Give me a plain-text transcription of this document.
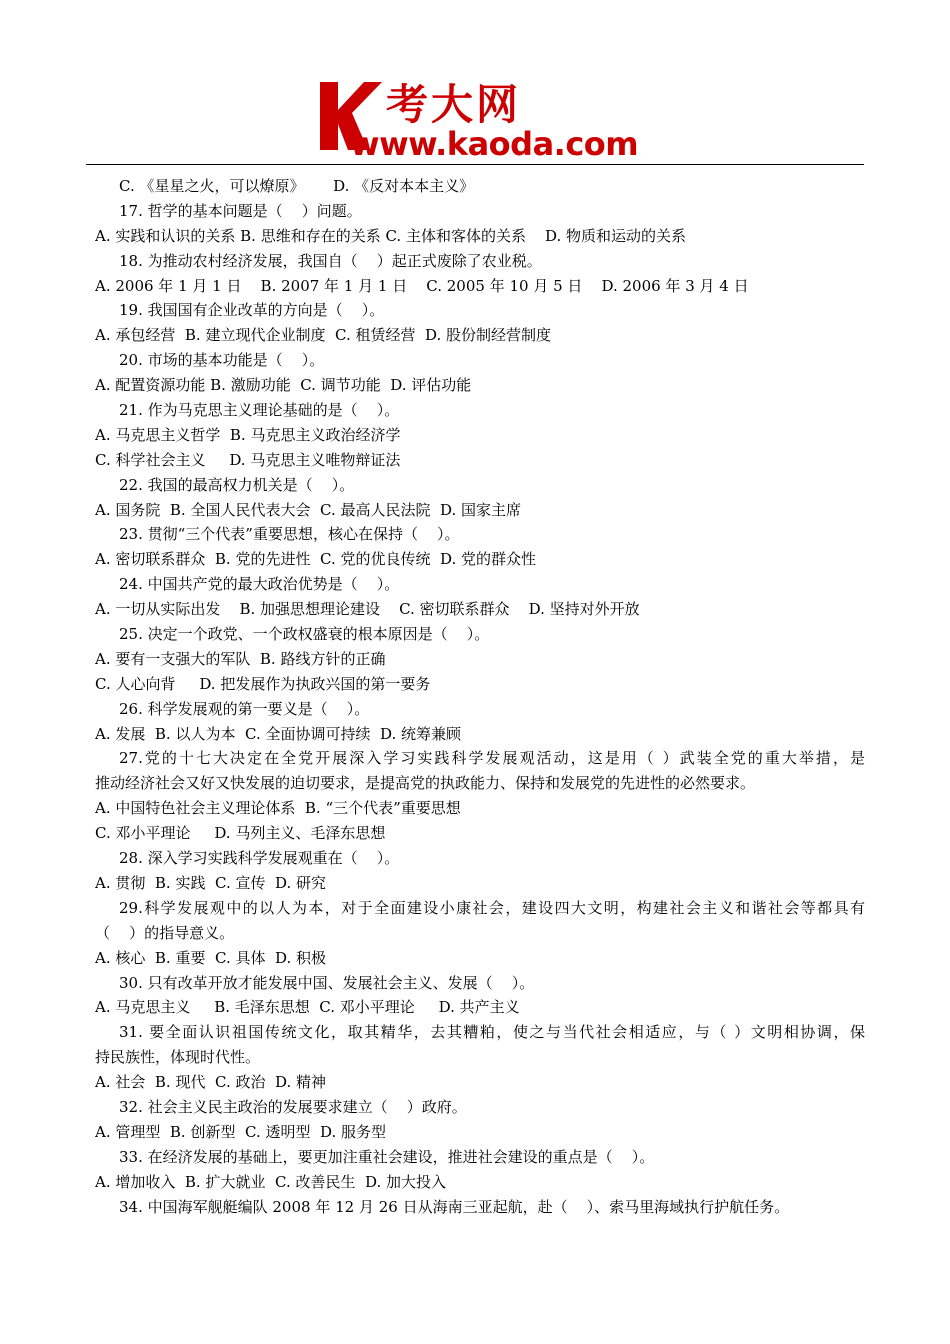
考大网
www.kaoda.com
C. 《星星之火，可以燎原》      D. 《反对本本主义》
17. 哲学的基本问题是（    ）问题。
A. 实践和认识的关系 B. 思维和存在的关系 C. 主体和客体的关系    D. 物质和运动的关系
18. 为推动农村经济发展，我国自（    ）起正式废除了农业税。
A. 2006 年 1 月 1 日    B. 2007 年 1 月 1 日    C. 2005 年 10 月 5 日    D. 2006 年 3 月 4 日
19. 我国国有企业改革的方向是（    ）。
A. 承包经营  B. 建立现代企业制度  C. 租赁经营  D. 股份制经营制度
20. 市场的基本功能是（    ）。
A. 配置资源功能 B. 激励功能  C. 调节功能  D. 评估功能
21. 作为马克思主义理论基础的是（    ）。
A. 马克思主义哲学  B. 马克思主义政治经济学
C. 科学社会主义     D. 马克思主义唯物辩证法
22. 我国的最高权力机关是（    ）。
A. 国务院  B. 全国人民代表大会  C. 最高人民法院  D. 国家主席
23. 贯彻“三个代表”重要思想，核心在保持（    ）。
A. 密切联系群众  B. 党的先进性  C. 党的优良传统  D. 党的群众性
24. 中国共产党的最大政治优势是（    ）。
A. 一切从实际出发    B. 加强思想理论建设    C. 密切联系群众    D. 坚持对外开放
25. 决定一个政党、一个政权盛衰的根本原因是（    ）。
A. 要有一支强大的军队  B. 路线方针的正确
C. 人心向背     D. 把发展作为执政兴国的第一要务
26. 科学发展观的第一要义是（    ）。
A. 发展  B. 以人为本  C. 全面协调可持续  D. 统筹兼顾
27.党的十七大决定在全党开展深入学习实践科学发展观活动，这是用（ ）武装全党的重大举措，是
推动经济社会又好又快发展的迫切要求，是提高党的执政能力、保持和发展党的先进性的必然要求。
A. 中国特色社会主义理论体系  B. “三个代表”重要思想
C. 邓小平理论     D. 马列主义、毛泽东思想
28. 深入学习实践科学发展观重在（    ）。
A. 贯彻  B. 实践  C. 宣传  D. 研究
29.科学发展观中的以人为本，对于全面建设小康社会，建设四大文明，构建社会主义和谐社会等都具有
（    ）的指导意义。
A. 核心  B. 重要  C. 具体  D. 积极
30. 只有改革开放才能发展中国、发展社会主义、发展（    ）。
A. 马克思主义     B. 毛泽东思想  C. 邓小平理论     D. 共产主义
31. 要全面认识祖国传统文化，取其精华，去其糟粕，使之与当代社会相适应，与（ ）文明相协调，保
持民族性，体现时代性。
A. 社会  B. 现代  C. 政治  D. 精神
32. 社会主义民主政治的发展要求建立（    ）政府。
A. 管理型  B. 创新型  C. 透明型  D. 服务型
33. 在经济发展的基础上，要更加注重社会建设，推进社会建设的重点是（    ）。
A. 增加收入  B. 扩大就业  C. 改善民生  D. 加大投入
34. 中国海军舰艇编队 2008 年 12 月 26 日从海南三亚起航，赴（    ）、索马里海域执行护航任务。
